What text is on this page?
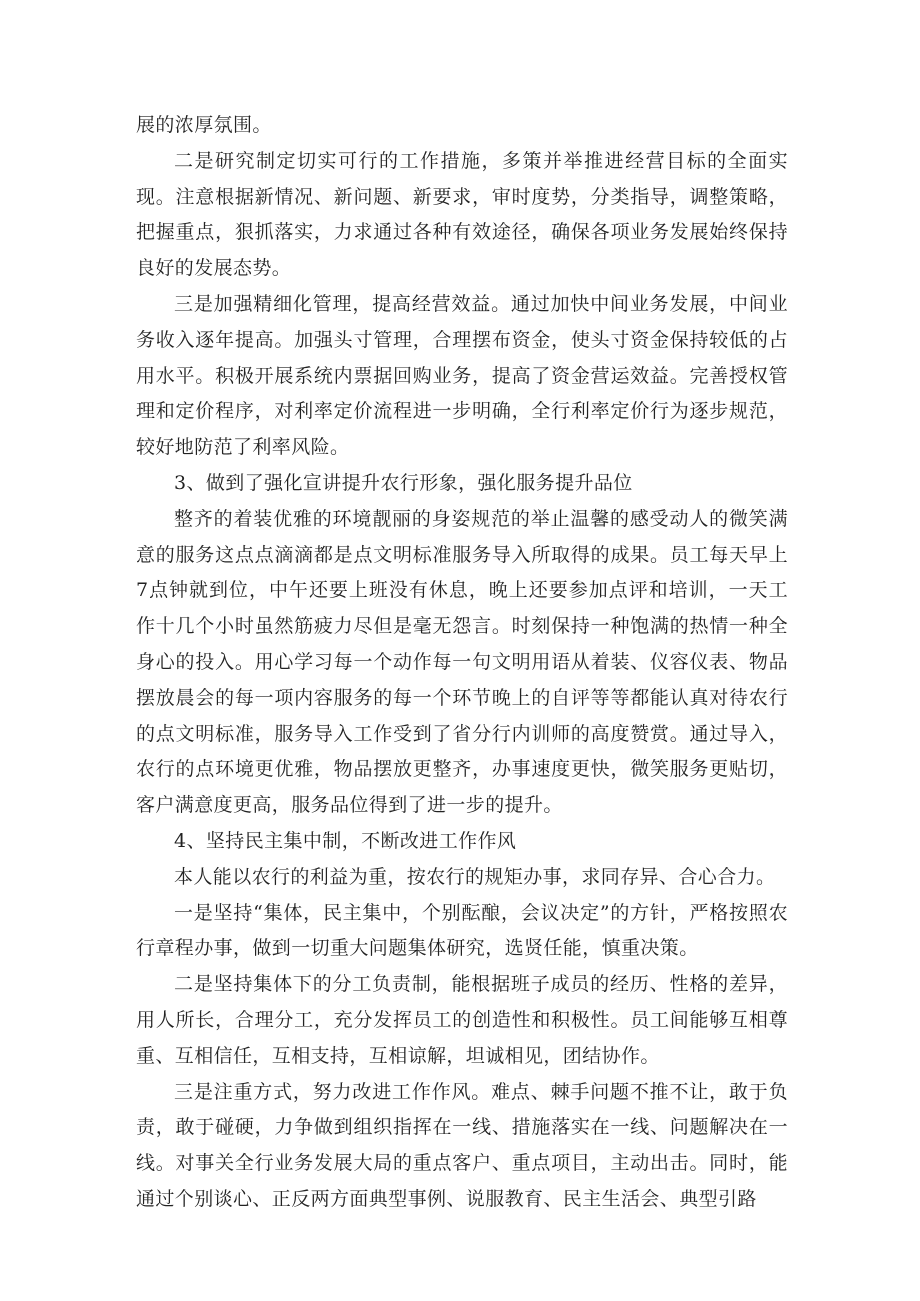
展的浓厚氛围。

二是研究制定切实可行的工作措施，多策并举推进经营目标的全面实现。注意根据新情况、新问题、新要求，审时度势，分类指导，调整策略，把握重点，狠抓落实，力求通过各种有效途径，确保各项业务发展始终保持良好的发展态势。

三是加强精细化管理，提高经营效益。通过加快中间业务发展，中间业务收入逐年提高。加强头寸管理，合理摆布资金，使头寸资金保持较低的占用水平。积极开展系统内票据回购业务，提高了资金营运效益。完善授权管理和定价程序，对利率定价流程进一步明确，全行利率定价行为逐步规范，较好地防范了利率风险。

3、做到了强化宣讲提升农行形象，强化服务提升品位

整齐的着装优雅的环境靓丽的身姿规范的举止温馨的感受动人的微笑满意的服务这点点滴滴都是点文明标准服务导入所取得的成果。员工每天早上7点钟就到位，中午还要上班没有休息，晚上还要参加点评和培训，一天工作十几个小时虽然筋疲力尽但是毫无怨言。时刻保持一种饱满的热情一种全身心的投入。用心学习每一个动作每一句文明用语从着装、仪容仪表、物品摆放晨会的每一项内容服务的每一个环节晚上的自评等等都能认真对待农行的点文明标准，服务导入工作受到了省分行内训师的高度赞赏。通过导入，农行的点环境更优雅，物品摆放更整齐，办事速度更快，微笑服务更贴切，客户满意度更高，服务品位得到了进一步的提升。

4、坚持民主集中制，不断改进工作作风

本人能以农行的利益为重，按农行的规矩办事，求同存异、合心合力。

一是坚持“集体，民主集中，个别酝酿，会议决定”的方针，严格按照农行章程办事，做到一切重大问题集体研究，选贤任能，慎重决策。

二是坚持集体下的分工负责制，能根据班子成员的经历、性格的差异，用人所长，合理分工，充分发挥员工的创造性和积极性。员工间能够互相尊重、互相信任，互相支持，互相谅解，坦诚相见，团结协作。

三是注重方式，努力改进工作作风。难点、棘手问题不推不让，敢于负责，敢于碰硬，力争做到组织指挥在一线、措施落实在一线、问题解决在一线。对事关全行业务发展大局的重点客户、重点项目，主动出击。同时，能通过个别谈心、正反两方面典型事例、说服教育、民主生活会、典型引路
